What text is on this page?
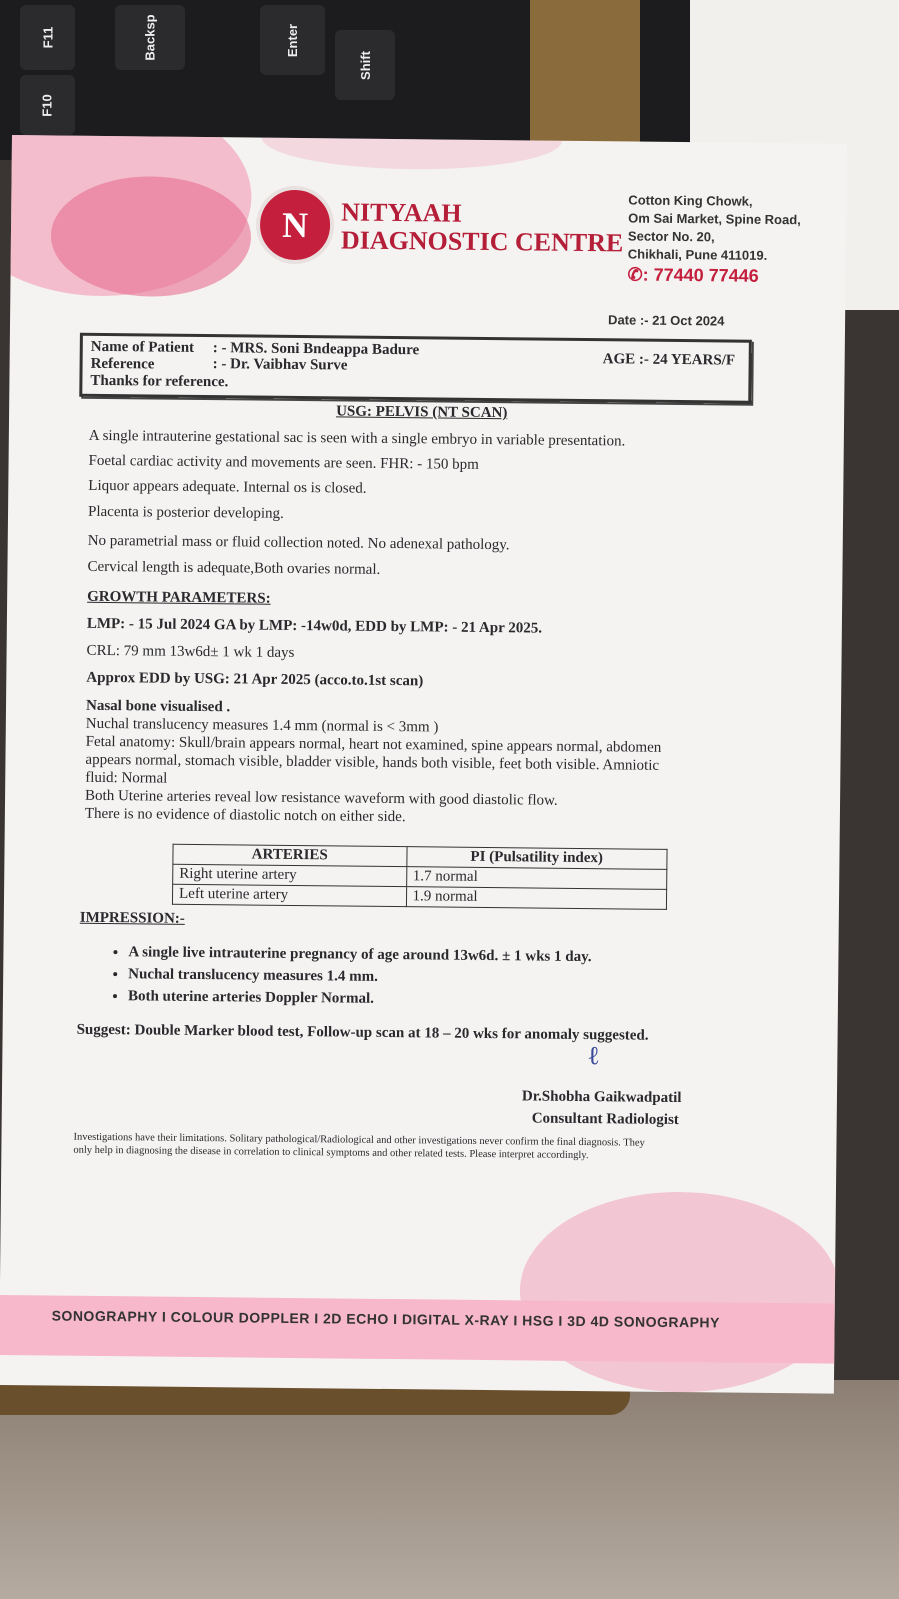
F11
F10
Backsp	Enter
Shift
N NITYAAH
DIAGNOSTIC CENTRE
Cotton King Chowk,
Om Sai Market, Spine Road,
Sector No. 20,
Chikhali, Pune 411019.
✆: 77440 77446
Date :- 21 Oct 2024
Name of Patient : - MRS. Soni Bndeappa Badure
Reference	: - Dr. Vaibhav Surve
Thanks for reference.
AGE :- 24 YEARS/F
USG: PELVIS (NT SCAN)
A single intrauterine gestational sac is seen with a single embryo in variable presentation.
Foetal cardiac activity and movements are seen. FHR: - 150 bpm
Liquor appears adequate. Internal os is closed.
Placenta is posterior developing.
No parametrial mass or fluid collection noted. No adenexal pathology.
Cervical length is adequate,Both ovaries normal.
GROWTH PARAMETERS:
LMP: - 15 Jul 2024 GA by LMP: -14w0d, EDD by LMP: - 21 Apr 2025.
CRL: 79 mm 13w6d± 1 wk 1 days
Approx EDD by USG: 21 Apr 2025 (acco.to.1st scan)
Nasal bone visualised .
Nuchal translucency measures 1.4 mm (normal is < 3mm )
Fetal anatomy: Skull/brain appears normal, heart not examined, spine appears normal, abdomen
appears normal, stomach visible, bladder visible, hands both visible, feet both visible. Amniotic
fluid: Normal
Both Uterine arteries reveal low resistance waveform with good diastolic flow.
There is no evidence of diastolic notch on either side.
ARTERIES	PI (Pulsatility index)
Right uterine artery	1.7 normal
Left uterine artery	1.9 normal
IMPRESSION:-
• A single live intrauterine pregnancy of age around 13w6d. ± 1 wks 1 day.
• Nuchal translucency measures 1.4 mm.
• Both uterine arteries Doppler Normal.
Suggest: Double Marker blood test, Follow-up scan at 18 – 20 wks for anomaly suggested.
ℓ
Dr.Shobha Gaikwadpatil
Consultant Radiologist
Investigations have their limitations. Solitary pathological/Radiological and other investigations never confirm the final diagnosis. They
only help in diagnosing the disease in correlation to clinical symptoms and other related tests. Please interpret accordingly.
SONOGRAPHY I COLOUR DOPPLER I 2D ECHO I DIGITAL X-RAY I HSG I 3D 4D SONOGRAPHY
